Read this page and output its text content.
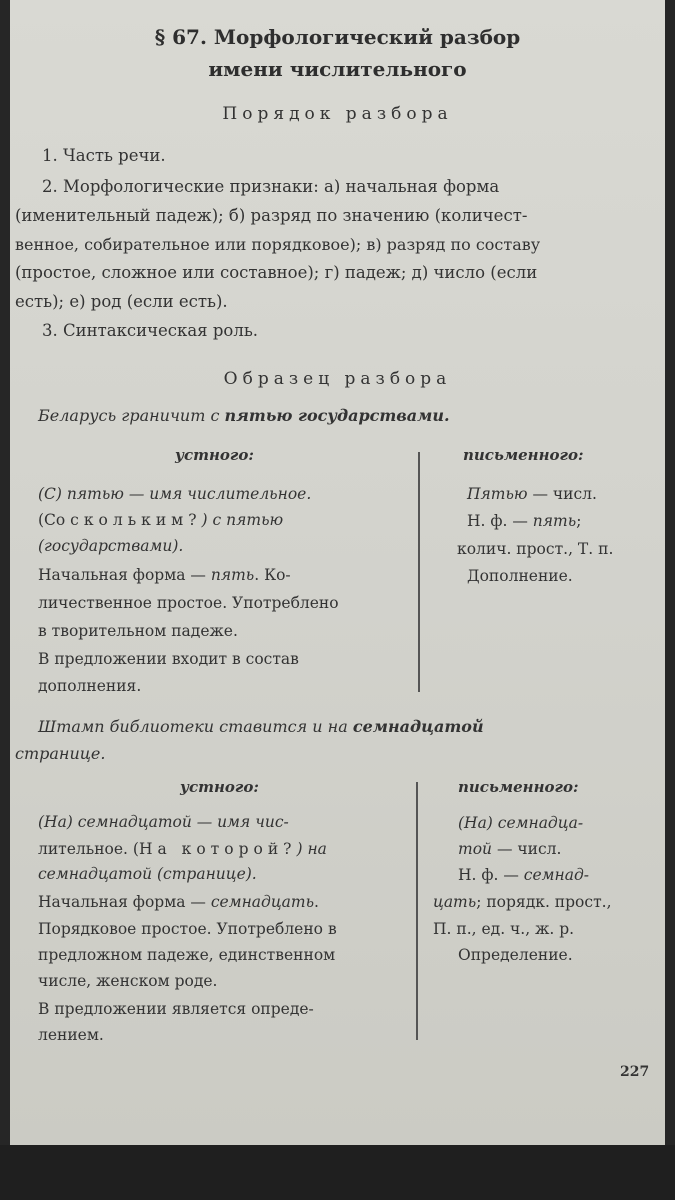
§ 67. Морфологический разбор
имени числительного
Порядок разбора
1. Часть речи.
2. Морфологические признаки: а) начальная форма
(именительный падеж); б) разряд по значению (количест-
венное, собирательное или порядковое); в) разряд по составу
(простое, сложное или составное); г) падеж; д) число (если
есть); е) род (если есть).
3. Синтаксическая роль.
Образец разбора
Беларусь граничит с пятью государствами.
устного:	письменного:
(С) пятью — имя числительное.
(Со скольким?) с пятью
(государствами).
Начальная форма — пять. Ко-
личественное простое. Употреблено
в творительном падеже.
В предложении входит в состав
дополнения.
Пятью — числ.
Н. ф. — пять;
колич. прост., Т. п.
Дополнение.
Штамп библиотеки ставится и на семнадцатой
странице.
устного:	письменного:
(На) семнадцатой — имя чис-
лительное. (На которой?) на
семнадцатой (странице).
Начальная форма — семнадцать.
Порядковое простое. Употреблено в
предложном падеже, единственном
числе, женском роде.
В предложении является опреде-
лением.
(На) семнадца-
той — числ.
Н. ф. — семнад-
цать; порядк. прост.,
П. п., ед. ч., ж. р.
Определение.
227
